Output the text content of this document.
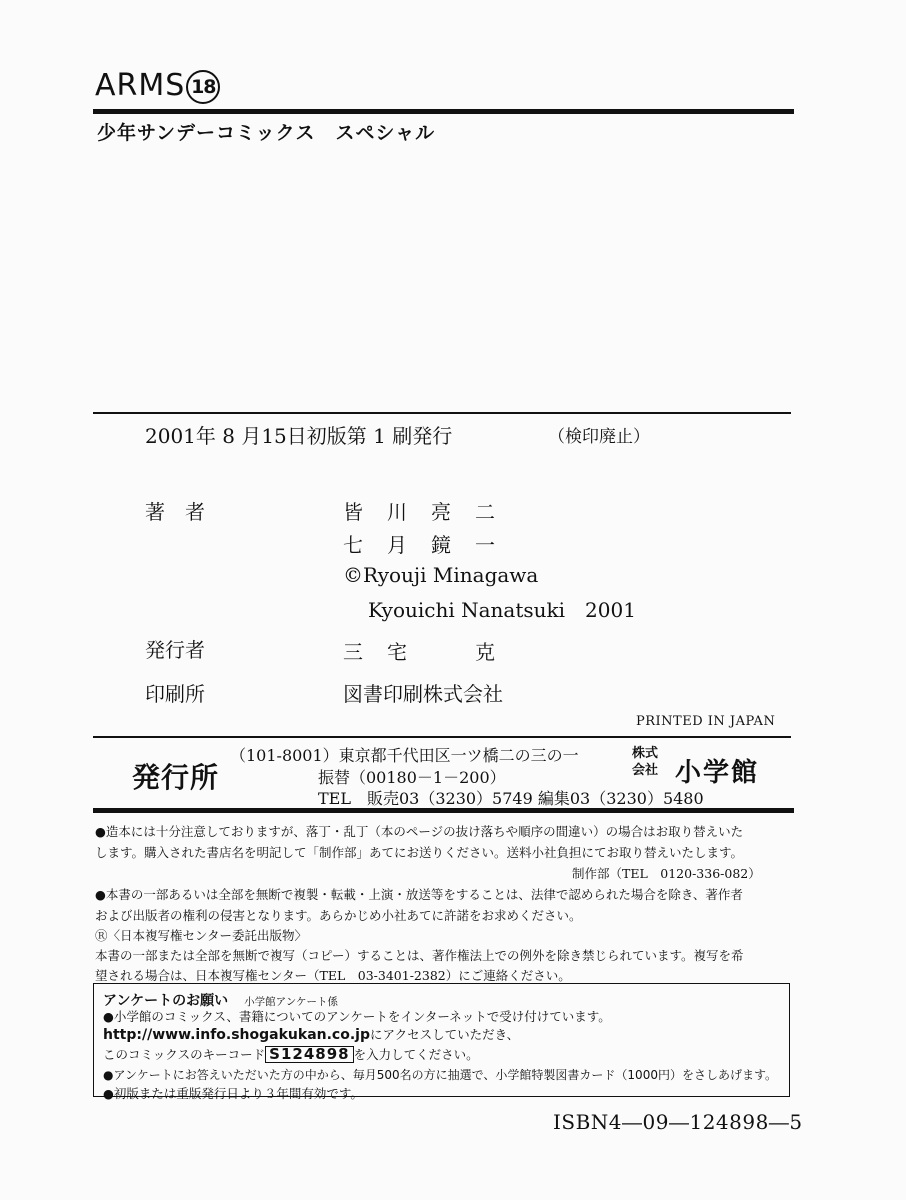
ARMS 18
少年サンデーコミックス　スペシャル
2001年 8 月15日初版第 1 刷発行	（検印廃止）
著　者	皆　川　亮　二
七　月　鏡　一
©Ryouji Minagawa
Kyouichi Nanatsuki　2001
発行者	三　宅　　　克
印刷所	図書印刷株式会社
PRINTED IN JAPAN
発行所
（101-8001）東京都千代田区一ツ橋二の三の一
振替（00180－1－200）
TEL　販売03（3230）5749 編集03（3230）5480
株式
会社 小学館
●造本には十分注意しておりますが、落丁・乱丁（本のページの抜け落ちや順序の間違い）の場合はお取り替えいた
します。購入された書店名を明記して「制作部」あてにお送りください。送料小社負担にてお取り替えいたします。
制作部（TEL　0120-336-082）
●本書の一部あるいは全部を無断で複製・転載・上演・放送等をすることは、法律で認められた場合を除き、著作者
および出版者の権利の侵害となります。あらかじめ小社あてに許諾をお求めください。
Ⓡ〈日本複写権センター委託出版物〉
本書の一部または全部を無断で複写（コピー）することは、著作権法上での例外を除き禁じられています。複写を希
望される場合は、日本複写権センター（TEL　03-3401-2382）にご連絡ください。
アンケートのお願い　 小学館アンケート係
●小学館のコミックス、書籍についてのアンケートをインターネットで受け付けています。
http://www.info.shogakukan.co.jpにアクセスしていただき、
このコミックスのキーコード S124898 を入力してください。
●アンケートにお答えいただいた方の中から、毎月500名の方に抽選で、小学館特製図書カード（1000円）をさしあげます。
●初版または重版発行日より３年間有効です。
ISBN4―09―124898―5
